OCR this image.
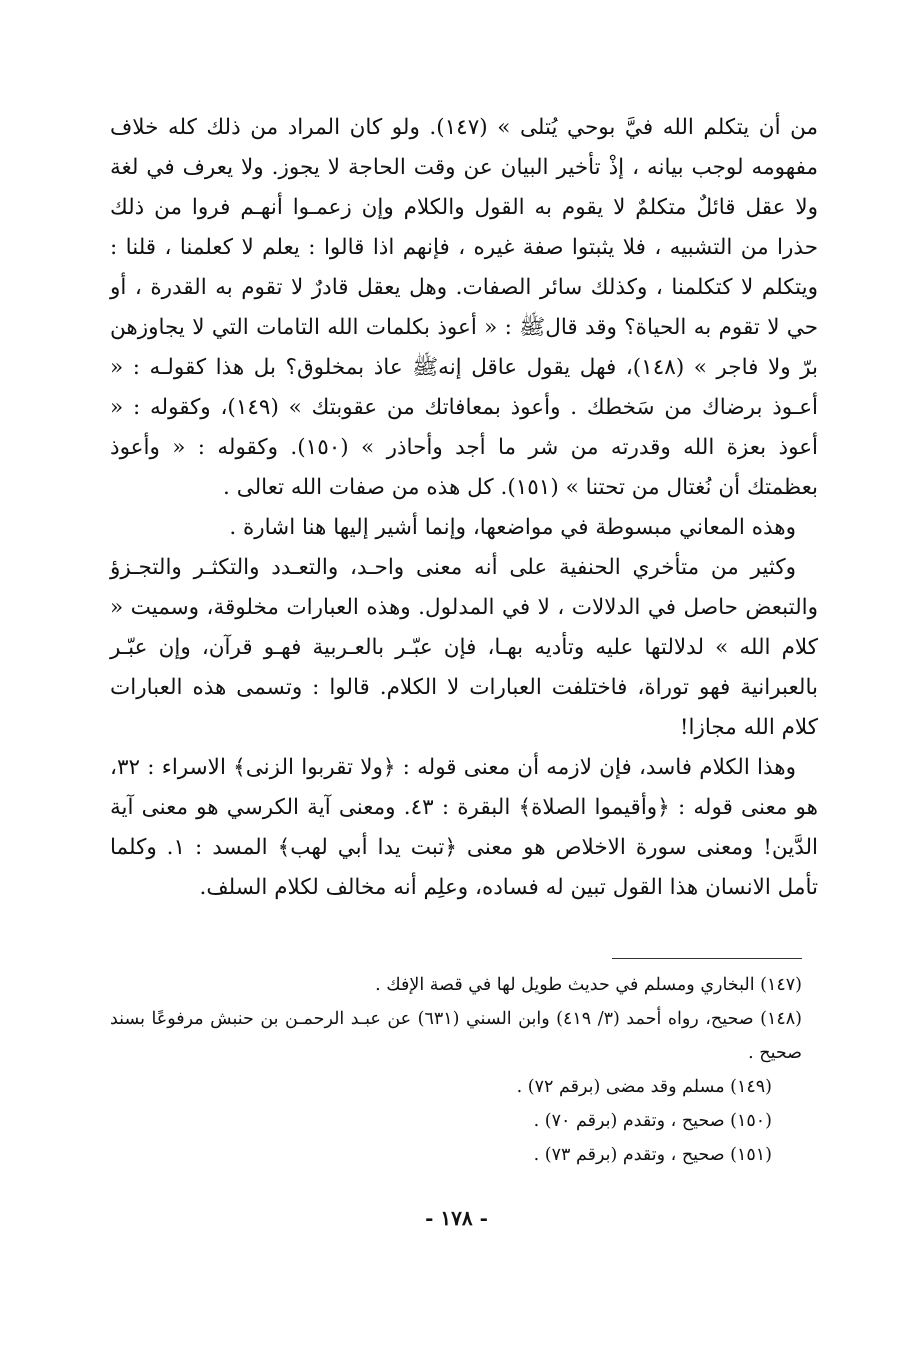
من أن يتكلم الله فيَّ بوحي يُتلى » (١٤٧). ولو كان المراد من ذلك كله خلاف مفهومه لوجب بيانه ، إذْ تأخير البيان عن وقت الحاجة لا يجوز. ولا يعرف في لغة ولا عقل قائلٌ متكلمٌ لا يقوم به القول والكلام وإن زعمـوا أنهـم فروا من ذلك حذرا من التشبيه ، فلا يثبتوا صفة غيره ، فإنهم اذا قالوا : يعلم لا كعلمنا ، قلنا : ويتكلم لا كتكلمنا ، وكذلك سائر الصفات. وهل يعقل قادرٌ لا تقوم به القدرة ، أو حي لا تقوم به الحياة؟ وقد قالﷺ : « أعوذ بكلمات الله التامات التي لا يجاوزهن برّ ولا فاجر » (١٤٨)، فهل يقول عاقل إنهﷺ عاذ بمخلوق؟ بل هذا كقولـه : « أعـوذ برضاك من سَخطك . وأعوذ بمعافاتك من عقوبتك » (١٤٩)، وكقوله : « أعوذ بعزة الله وقدرته من شر ما أجد وأحاذر » (١٥٠). وكقوله : « وأعوذ بعظمتك أن نُغتال من تحتنا » (١٥١). كل هذه من صفات الله تعالى .

وهذه المعاني مبسوطة في مواضعها، وإنما أشير إليها هنا اشارة .

وكثير من متأخري الحنفية على أنه معنى واحـد، والتعـدد والتكثـر والتجـزؤ والتبعض حاصل في الدلالات ، لا في المدلول. وهذه العبارات مخلوقة، وسميت « كلام الله » لدلالتها عليه وتأديه بهـا، فإن عبّـر بالعـربية فهـو قرآن، وإن عبّـر بالعبرانية فهو توراة، فاختلفت العبارات لا الكلام. قالوا : وتسمى هذه العبارات كلام الله مجازا!

وهذا الكلام فاسد، فإن لازمه أن معنى قوله : ﴿ولا تقربوا الزنى﴾ الاسراء : ٣٢، هو معنى قوله : ﴿وأقيموا الصلاة﴾ البقرة : ٤٣. ومعنى آية الكرسي هو معنى آية الدَّين! ومعنى سورة الاخلاص هو معنى ﴿تبت يدا أبي لهب﴾ المسد : ١. وكلما تأمل الانسان هذا القول تبين له فساده، وعلِم أنه مخالف لكلام السلف.

(١٤٧) البخاري ومسلم في حديث طويل لها في قصة الإفك .

(١٤٨) صحيح، رواه أحمد (٣/ ٤١٩) وابن السني (٦٣١) عن عبـد الرحمـن بن حنبش مرفوعًا بسند صحيح .

(١٤٩) مسلم وقد مضى (برقم ٧٢) .

(١٥٠) صحيح ، وتقدم (برقم ٧٠) .

(١٥١) صحيح ، وتقدم (برقم ٧٣) .

- ١٧٨ -
